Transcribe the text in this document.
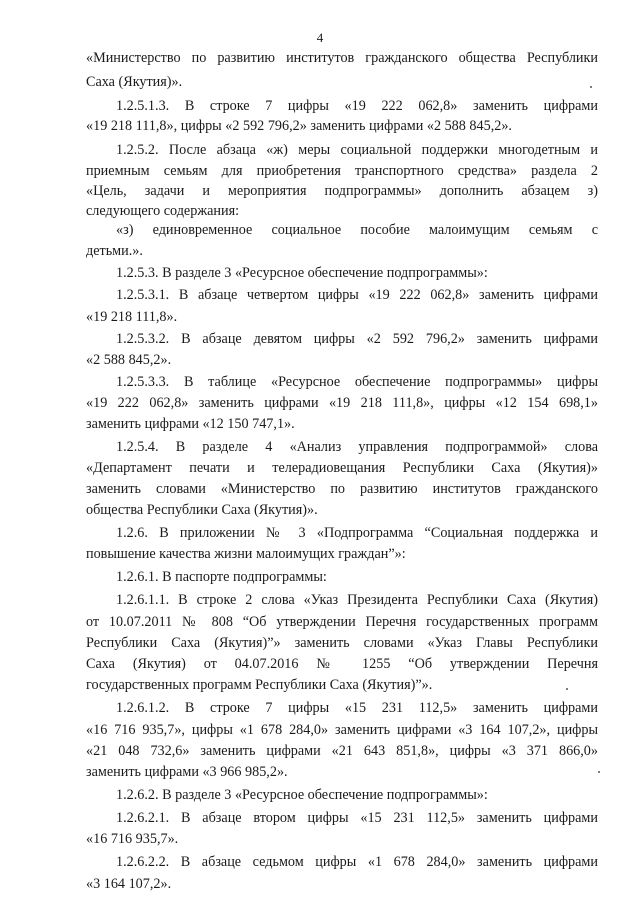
4
«Министерство по развитию институтов гражданского общества Республики
Саха (Якутия)».
1.2.5.1.3. В строке 7 цифры «19 222 062,8» заменить цифрами
«19 218 111,8», цифры «2 592 796,2» заменить цифрами «2 588 845,2».
1.2.5.2. После абзаца «ж) меры социальной поддержки многодетным и
приемным семьям для приобретения транспортного средства» раздела 2
«Цель, задачи и мероприятия подпрограммы» дополнить абзацем з)
следующего содержания:
«з) единовременное социальное пособие малоимущим семьям с
детьми.».
1.2.5.3. В разделе 3 «Ресурсное обеспечение подпрограммы»:
1.2.5.3.1. В абзаце четвертом цифры «19 222 062,8» заменить цифрами
«19 218 111,8».
1.2.5.3.2. В абзаце девятом цифры «2 592 796,2» заменить цифрами
«2 588 845,2».
1.2.5.3.3. В таблице «Ресурсное обеспечение подпрограммы» цифры
«19 222 062,8» заменить цифрами «19 218 111,8», цифры «12 154 698,1»
заменить цифрами «12 150 747,1».
1.2.5.4. В разделе 4 «Анализ управления подпрограммой» слова
«Департамент печати и телерадиовещания Республики Саха (Якутия)»
заменить словами «Министерство по развитию институтов гражданского
общества Республики Саха (Якутия)».
1.2.6. В приложении № 3 «Подпрограмма “Социальная поддержка и
повышение качества жизни малоимущих граждан”»:
1.2.6.1. В паспорте подпрограммы:
1.2.6.1.1. В строке 2 слова «Указ Президента Республики Саха (Якутия)
от 10.07.2011 № 808 “Об утверждении Перечня государственных программ
Республики Саха (Якутия)”» заменить словами «Указ Главы Республики
Саха (Якутия) от 04.07.2016 № 1255 “Об утверждении Перечня
государственных программ Республики Саха (Якутия)”».
1.2.6.1.2. В строке 7 цифры «15 231 112,5» заменить цифрами
«16 716 935,7», цифры «1 678 284,0» заменить цифрами «3 164 107,2», цифры
«21 048 732,6» заменить цифрами «21 643 851,8», цифры «3 371 866,0»
заменить цифрами «3 966 985,2».
1.2.6.2. В разделе 3 «Ресурсное обеспечение подпрограммы»:
1.2.6.2.1. В абзаце втором цифры «15 231 112,5» заменить цифрами
«16 716 935,7».
1.2.6.2.2. В абзаце седьмом цифры «1 678 284,0» заменить цифрами
«3 164 107,2».
